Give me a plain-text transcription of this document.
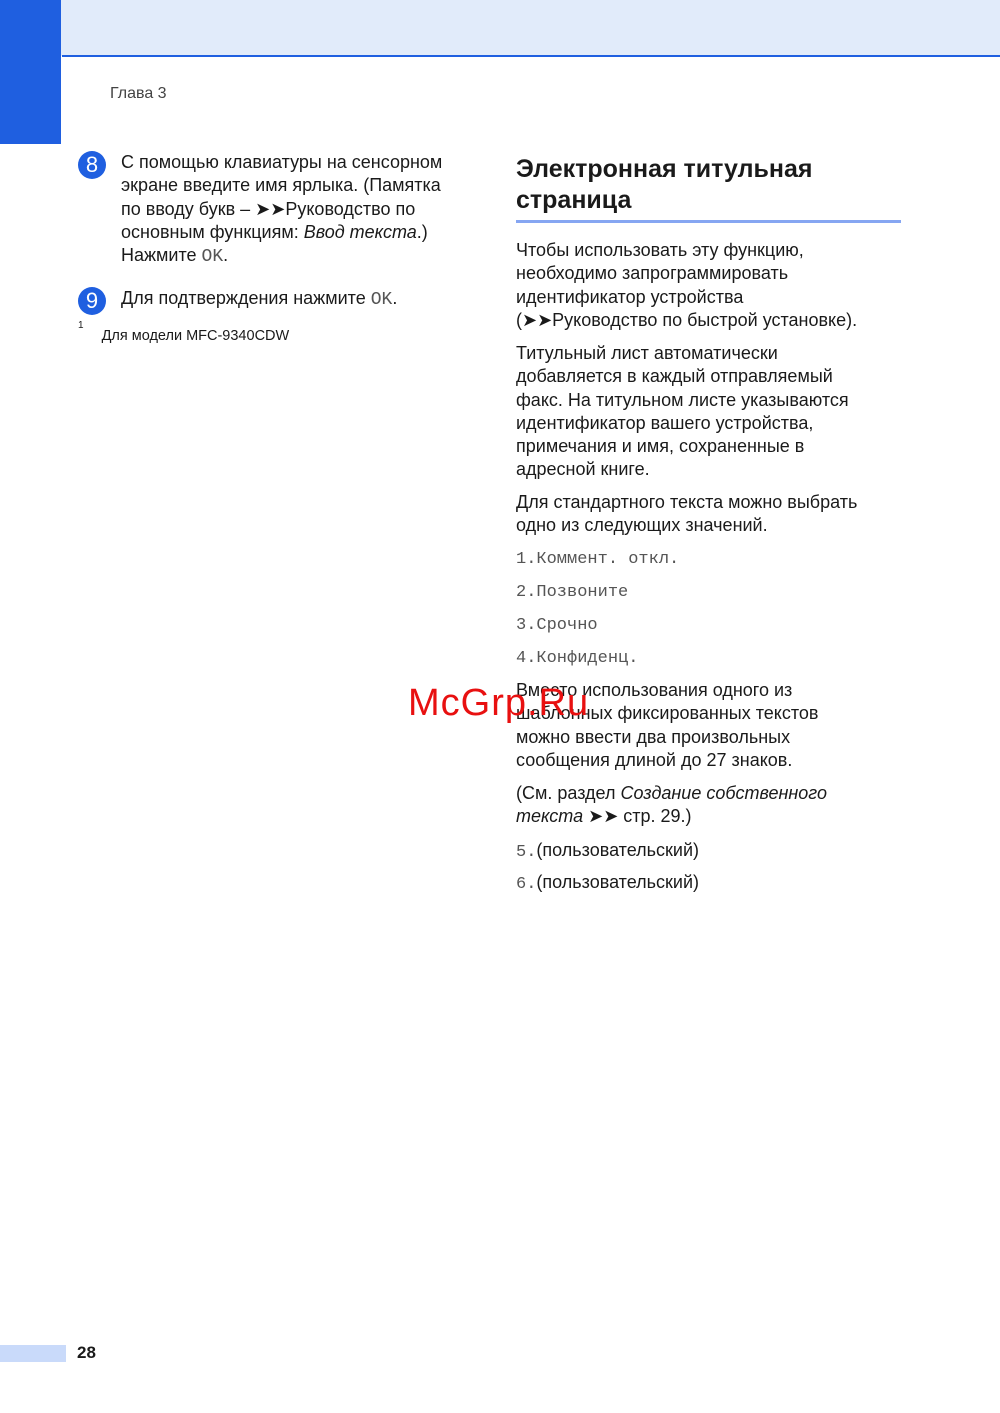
Глава 3
8	С помощью клавиатуры на сенсорном
экране введите имя ярлыка. (Памятка
по вводу букв – ➤➤Руководство по
основным функциям: Ввод текста.)
Нажмите OK.
9	Для подтверждения нажмите OK.
$^1$Для модели MFC-9340CDW
Электронная титульная
страница
Чтобы использовать эту функцию,
необходимо запрограммировать
идентификатор устройства
(➤➤Руководство по быстрой установке).
Титульный лист автоматически
добавляется в каждый отправляемый
факс. На титульном листе указываются
идентификатор вашего устройства,
примечания и имя, сохраненные в
адресной книге.
Для стандартного текста можно выбрать
одно из следующих значений.
1.Коммент. откл.
2.Позвоните
3.Срочно
4.Конфиденц.
Вместо использования одного из
шаблонных фиксированных текстов
можно ввести два произвольных
сообщения длиной до 27 знаков.
(См. раздел Создание собственного
текста ➤➤ стр. 29.)
5.(пользовательский)
6.(пользовательский)
McGrp.Ru
28
